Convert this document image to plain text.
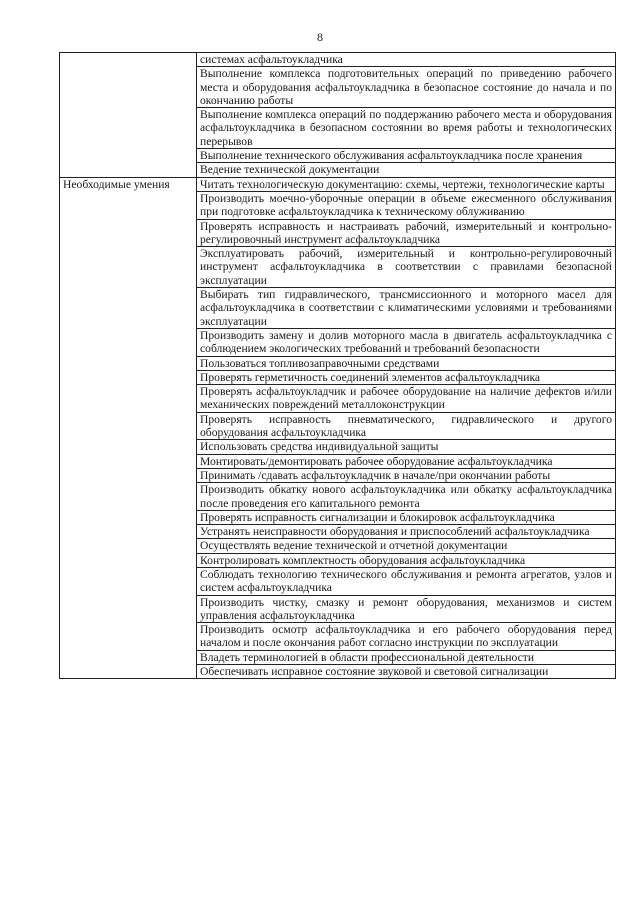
8
	системах асфальтоукладчика
	Выполнение комплекса подготовительных операций по приведению рабочего места и оборудования асфальтоукладчика в безопасное состояние до начала и по окончанию работы
	Выполнение комплекса операций по поддержанию рабочего места и оборудования асфальтоукладчика в безопасном состоянии во время работы и технологических перерывов
	Выполнение технического обслуживания асфальтоукладчика после хранения
	Ведение технической документации
Необходимые умения	Читать технологическую документацию: схемы, чертежи, технологические карты
	Производить моечно-уборочные операции в объеме ежесменного обслуживания при подготовке асфальтоукладчика к техническому облуживанию
	Проверять исправность и настраивать рабочий, измерительный и контрольно-регулировочный инструмент асфальтоукладчика
	Эксплуатировать рабочий, измерительный и контрольно-регулировочный инструмент асфальтоукладчика в соответствии с правилами безопасной эксплуатации
	Выбирать тип гидравлического, трансмиссионного и моторного масел для асфальтоукладчика в соответствии с климатическими условиями и требованиями эксплуатации
	Производить замену и долив моторного масла в двигатель асфальтоукладчика с соблюдением экологических требований и требований безопасности
	Пользоваться топливозаправочными средствами
	Проверять герметичность соединений элементов асфальтоукладчика
	Проверять асфальтоукладчик и рабочее оборудование на наличие дефектов и/или механических повреждений металлоконструкции
	Проверять исправность пневматического, гидравлического и другого оборудования асфальтоукладчика
	Использовать средства индивидуальной защиты
	Монтировать/демонтировать рабочее оборудование асфальтоукладчика
	Принимать /сдавать асфальтоукладчик в начале/при окончании работы
	Производить обкатку нового асфальтоукладчика или обкатку асфальтоукладчика после проведения его капитального ремонта
	Проверять исправность сигнализации и блокировок асфальтоукладчика
	Устранять неисправности оборудования и приспособлений асфальтоукладчика
	Осуществлять ведение технической и отчетной документации
	Контролировать комплектность оборудования асфальтоукладчика
	Соблюдать технологию технического обслуживания и ремонта агрегатов, узлов и систем асфальтоукладчика
	Производить чистку, смазку и ремонт оборудования, механизмов и систем управления асфальтоукладчика
	Производить осмотр асфальтоукладчика и его рабочего оборудования перед началом и после окончания работ согласно инструкции по эксплуатации
	Владеть терминологией в области профессиональной деятельности
	Обеспечивать исправное состояние звуковой и световой сигнализации
